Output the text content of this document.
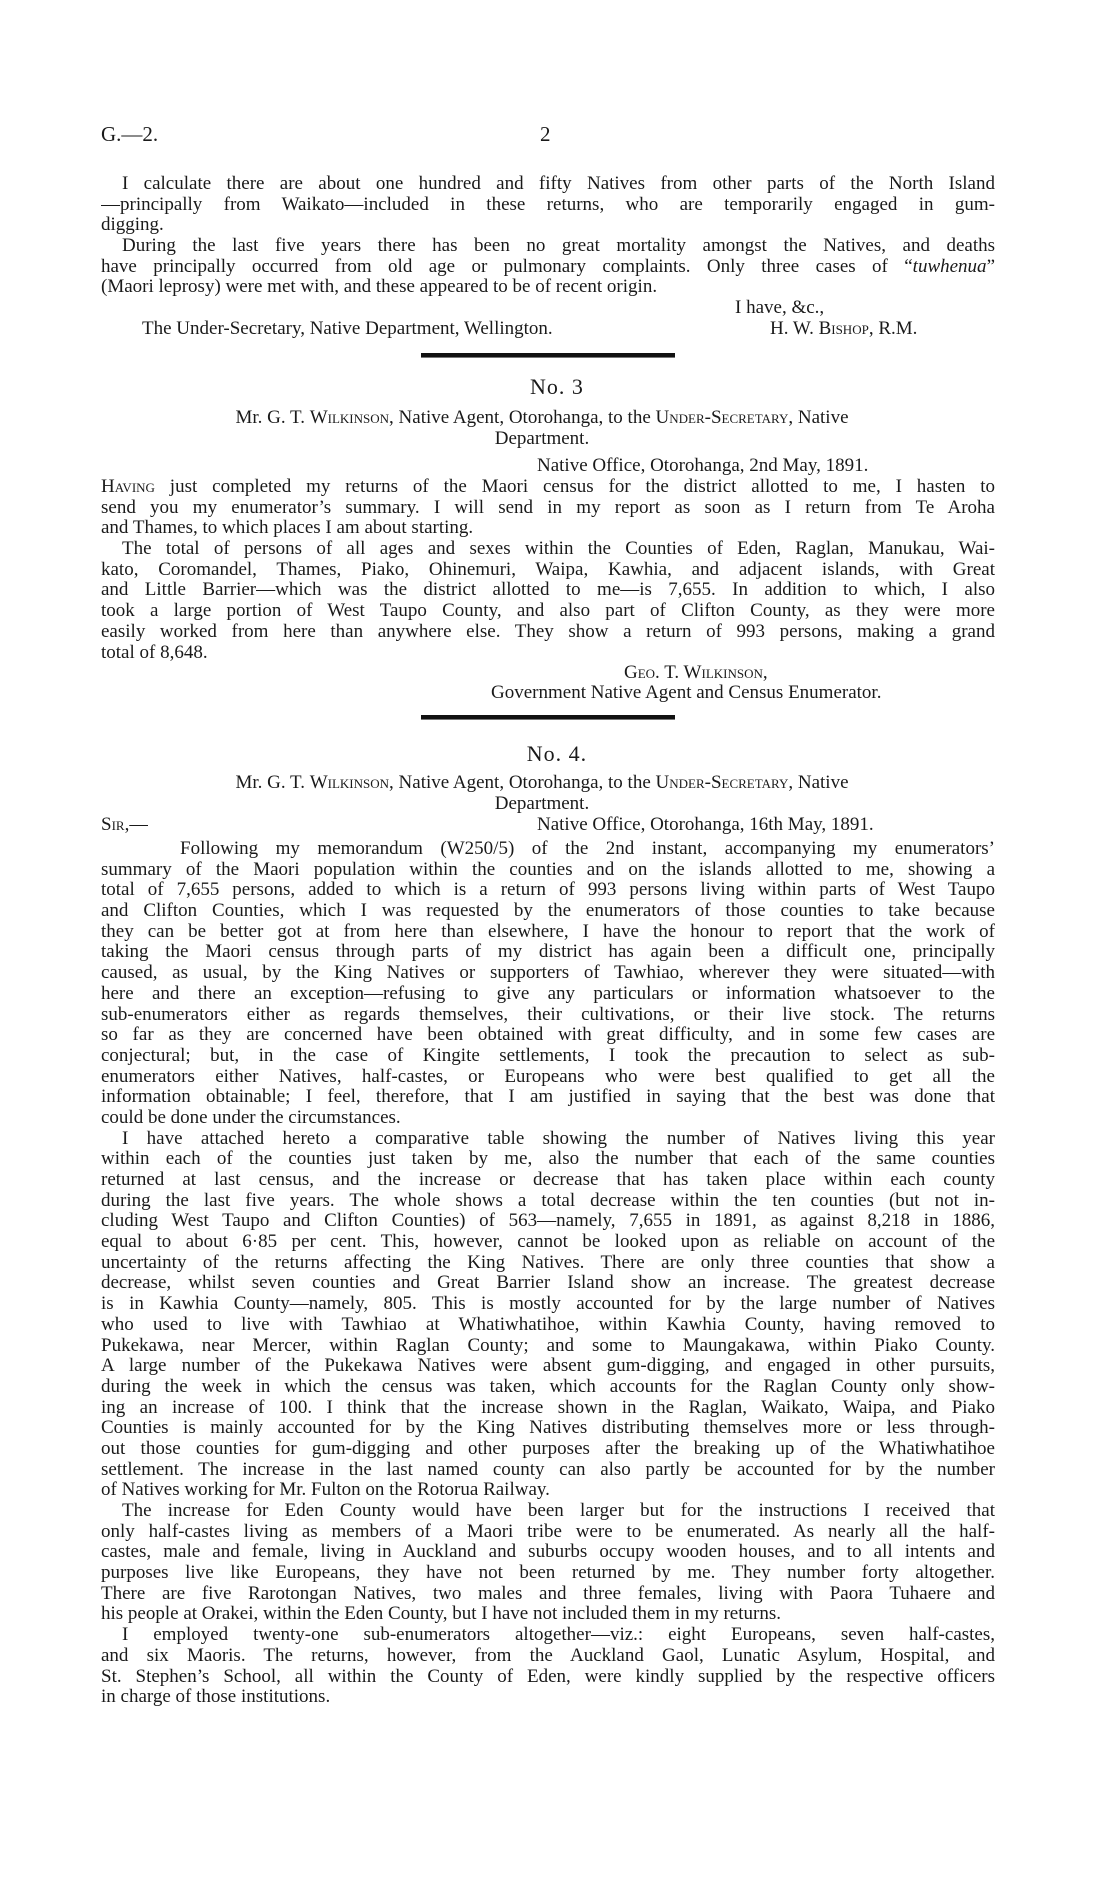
G.—2.	2
I calculate there are about one hundred and fifty Natives from other parts of the North Island
—principally from Waikato—included in these returns, who are temporarily engaged in gum-
digging.
During the last five years there has been no great mortality amongst the Natives, and deaths
have principally occurred from old age or pulmonary complaints. Only three cases of “tuwhenua”
(Maori leprosy) were met with, and these appeared to be of recent origin.
I have, &c.,
The Under-Secretary, Native Department, Wellington.	H. W. Bishop, R.M.
No. 3
Mr. G. T. Wilkinson, Native Agent, Otorohanga, to the Under-Secretary, Native
Department.
Native Office, Otorohanga, 2nd May, 1891.
Having just completed my returns of the Maori census for the district allotted to me, I hasten to
send you my enumerator’s summary. I will send in my report as soon as I return from Te Aroha
and Thames, to which places I am about starting.
The total of persons of all ages and sexes within the Counties of Eden, Raglan, Manukau, Wai-
kato, Coromandel, Thames, Piako, Ohinemuri, Waipa, Kawhia, and adjacent islands, with Great
and Little Barrier—which was the district allotted to me—is 7,655. In addition to which, I also
took a large portion of West Taupo County, and also part of Clifton County, as they were more
easily worked from here than anywhere else. They show a return of 993 persons, making a grand
total of 8,648.
Geo. T. Wilkinson,
Government Native Agent and Census Enumerator.
No. 4.
Mr. G. T. Wilkinson, Native Agent, Otorohanga, to the Under-Secretary, Native
Department.
Sir,—	Native Office, Otorohanga, 16th May, 1891.
Following my memorandum (W250/5) of the 2nd instant, accompanying my enumerators’
summary of the Maori population within the counties and on the islands allotted to me, showing a
total of 7,655 persons, added to which is a return of 993 persons living within parts of West Taupo
and Clifton Counties, which I was requested by the enumerators of those counties to take because
they can be better got at from here than elsewhere, I have the honour to report that the work of
taking the Maori census through parts of my district has again been a difficult one, principally
caused, as usual, by the King Natives or supporters of Tawhiao, wherever they were situated—with
here and there an exception—refusing to give any particulars or information whatsoever to the
sub-enumerators either as regards themselves, their cultivations, or their live stock. The returns
so far as they are concerned have been obtained with great difficulty, and in some few cases are
conjectural; but, in the case of Kingite settlements, I took the precaution to select as sub-
enumerators either Natives, half-castes, or Europeans who were best qualified to get all the
information obtainable; I feel, therefore, that I am justified in saying that the best was done that
could be done under the circumstances.
I have attached hereto a comparative table showing the number of Natives living this year
within each of the counties just taken by me, also the number that each of the same counties
returned at last census, and the increase or decrease that has taken place within each county
during the last five years. The whole shows a total decrease within the ten counties (but not in-
cluding West Taupo and Clifton Counties) of 563—namely, 7,655 in 1891, as against 8,218 in 1886,
equal to about 6·85 per cent. This, however, cannot be looked upon as reliable on account of the
uncertainty of the returns affecting the King Natives. There are only three counties that show a
decrease, whilst seven counties and Great Barrier Island show an increase. The greatest decrease
is in Kawhia County—namely, 805. This is mostly accounted for by the large number of Natives
who used to live with Tawhiao at Whatiwhatihoe, within Kawhia County, having removed to
Pukekawa, near Mercer, within Raglan County; and some to Maungakawa, within Piako County.
A large number of the Pukekawa Natives were absent gum-digging, and engaged in other pursuits,
during the week in which the census was taken, which accounts for the Raglan County only show-
ing an increase of 100. I think that the increase shown in the Raglan, Waikato, Waipa, and Piako
Counties is mainly accounted for by the King Natives distributing themselves more or less through-
out those counties for gum-digging and other purposes after the breaking up of the Whatiwhatihoe
settlement. The increase in the last named county can also partly be accounted for by the number
of Natives working for Mr. Fulton on the Rotorua Railway.
The increase for Eden County would have been larger but for the instructions I received that
only half-castes living as members of a Maori tribe were to be enumerated. As nearly all the half-
castes, male and female, living in Auckland and suburbs occupy wooden houses, and to all intents and
purposes live like Europeans, they have not been returned by me. They number forty altogether.
There are five Rarotongan Natives, two males and three females, living with Paora Tuhaere and
his people at Orakei, within the Eden County, but I have not included them in my returns.
I employed twenty-one sub-enumerators altogether—viz.: eight Europeans, seven half-castes,
and six Maoris. The returns, however, from the Auckland Gaol, Lunatic Asylum, Hospital, and
St. Stephen’s School, all within the County of Eden, were kindly supplied by the respective officers
in charge of those institutions.
